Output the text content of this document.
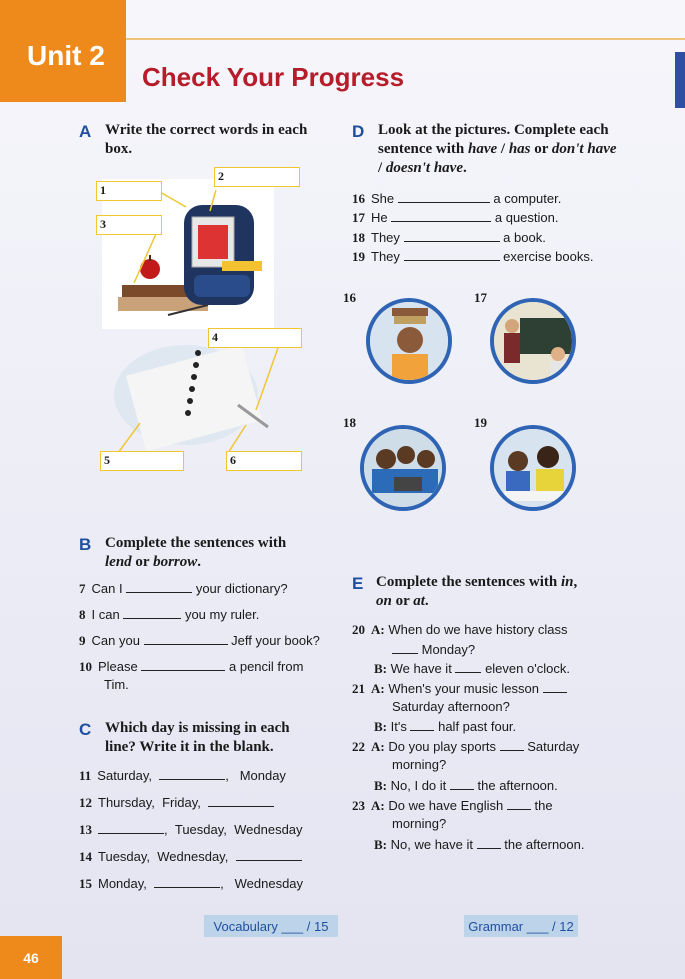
Unit 2
Check Your Progress
A Write the correct words in each box.
1
2
3
4
5	6
B Complete the sentences with
lend or borrow.
7 Can I	your dictionary?
8 I can	you my ruler.
9 Can you	Jeff your book?
10 Please	a pencil from
Tim.
C Which day is missing in each line? Write it in the blank.
11 Saturday,	, Monday
12 Thursday, Friday,
13	, Tuesday, Wednesday
14 Tuesday, Wednesday,
15 Monday,	, Wednesday
D Look at the pictures. Complete each sentence with have / has or don't have / doesn't have.
16 She	a computer.
17 He	a question.
18 They	a book.
19 They	exercise books.
16	17
18	19
E Complete the sentences with in,
on or at.
20 A: When do we have history class
Monday?
B: We have it	eleven o'clock.
21 A: When's your music lesson
Saturday afternoon?
B: It's half past four.
22 A: Do you play sports Saturday
morning?
B: No, I do it the afternoon.
23 A: Do we have English the
morning?
B: No, we have it the afternoon.
Vocabulary ___ / 15	Grammar ___ / 12
46
